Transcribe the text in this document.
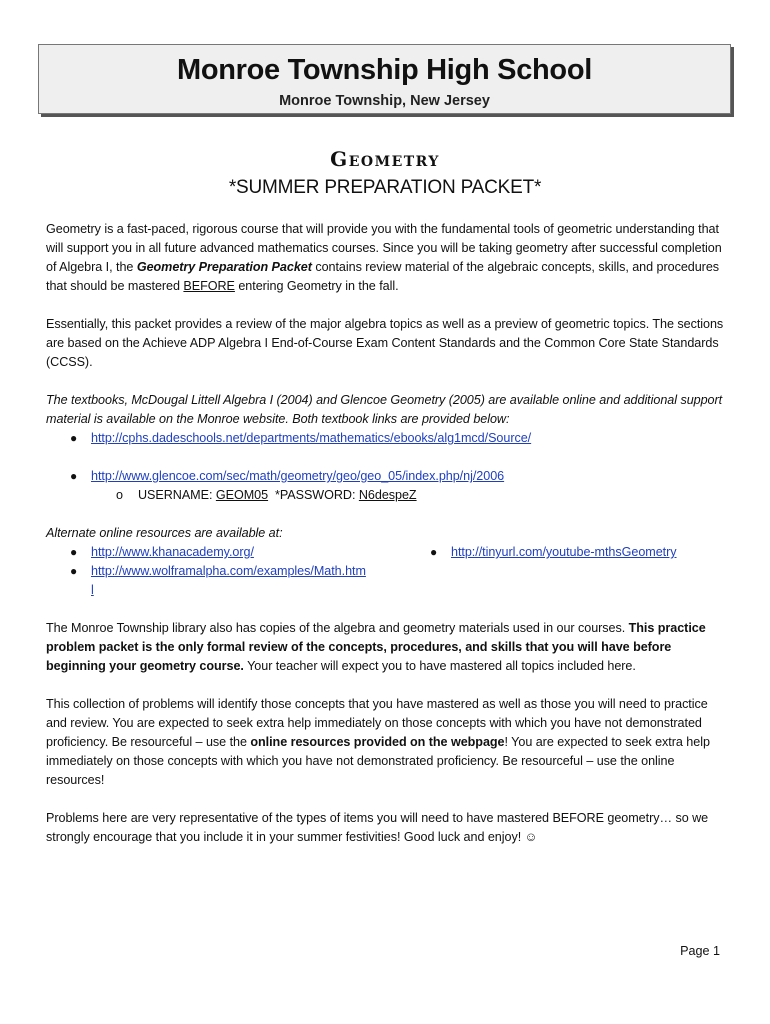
Monroe Township High School
Monroe Township, New Jersey
Geometry
*SUMMER PREPARATION PACKET*

Geometry is a fast-paced, rigorous course that will provide you with the fundamental tools of geometric understanding that will support you in all future advanced mathematics courses. Since you will be taking geometry after successful completion of Algebra I, the Geometry Preparation Packet contains review material of the algebraic concepts, skills, and procedures that should be mastered BEFORE entering Geometry in the fall.

Essentially, this packet provides a review of the major algebra topics as well as a preview of geometric topics. The sections are based on the Achieve ADP Algebra I End-of-Course Exam Content Standards and the Common Core State Standards (CCSS).

The textbooks, McDougal Littell Algebra I (2004) and Glencoe Geometry (2005) are available online and additional support material is available on the Monroe website. Both textbook links are provided below:

● http://cphs.dadeschools.net/departments/mathematics/ebooks/alg1mcd/Source/
● http://www.glencoe.com/sec/math/geometry/geo/geo_05/index.php/nj/2006
o USERNAME: GEOM05  *PASSWORD: N6despeZ

Alternate online resources are available at:

● http://www.khanacademy.org/
● http://www.wolframalpha.com/examples/Math.html
● http://tinyurl.com/youtube-mthsGeometry

The Monroe Township library also has copies of the algebra and geometry materials used in our courses. This practice problem packet is the only formal review of the concepts, procedures, and skills that you will have before beginning your geometry course. Your teacher will expect you to have mastered all topics included here.

This collection of problems will identify those concepts that you have mastered as well as those you will need to practice and review. You are expected to seek extra help immediately on those concepts with which you have not demonstrated proficiency. Be resourceful – use the online resources provided on the webpage! You are expected to seek extra help immediately on those concepts with which you have not demonstrated proficiency. Be resourceful – use the online resources!

Problems here are very representative of the types of items you will need to have mastered BEFORE geometry… so we strongly encourage that you include it in your summer festivities! Good luck and enjoy! ☺

Page 1
